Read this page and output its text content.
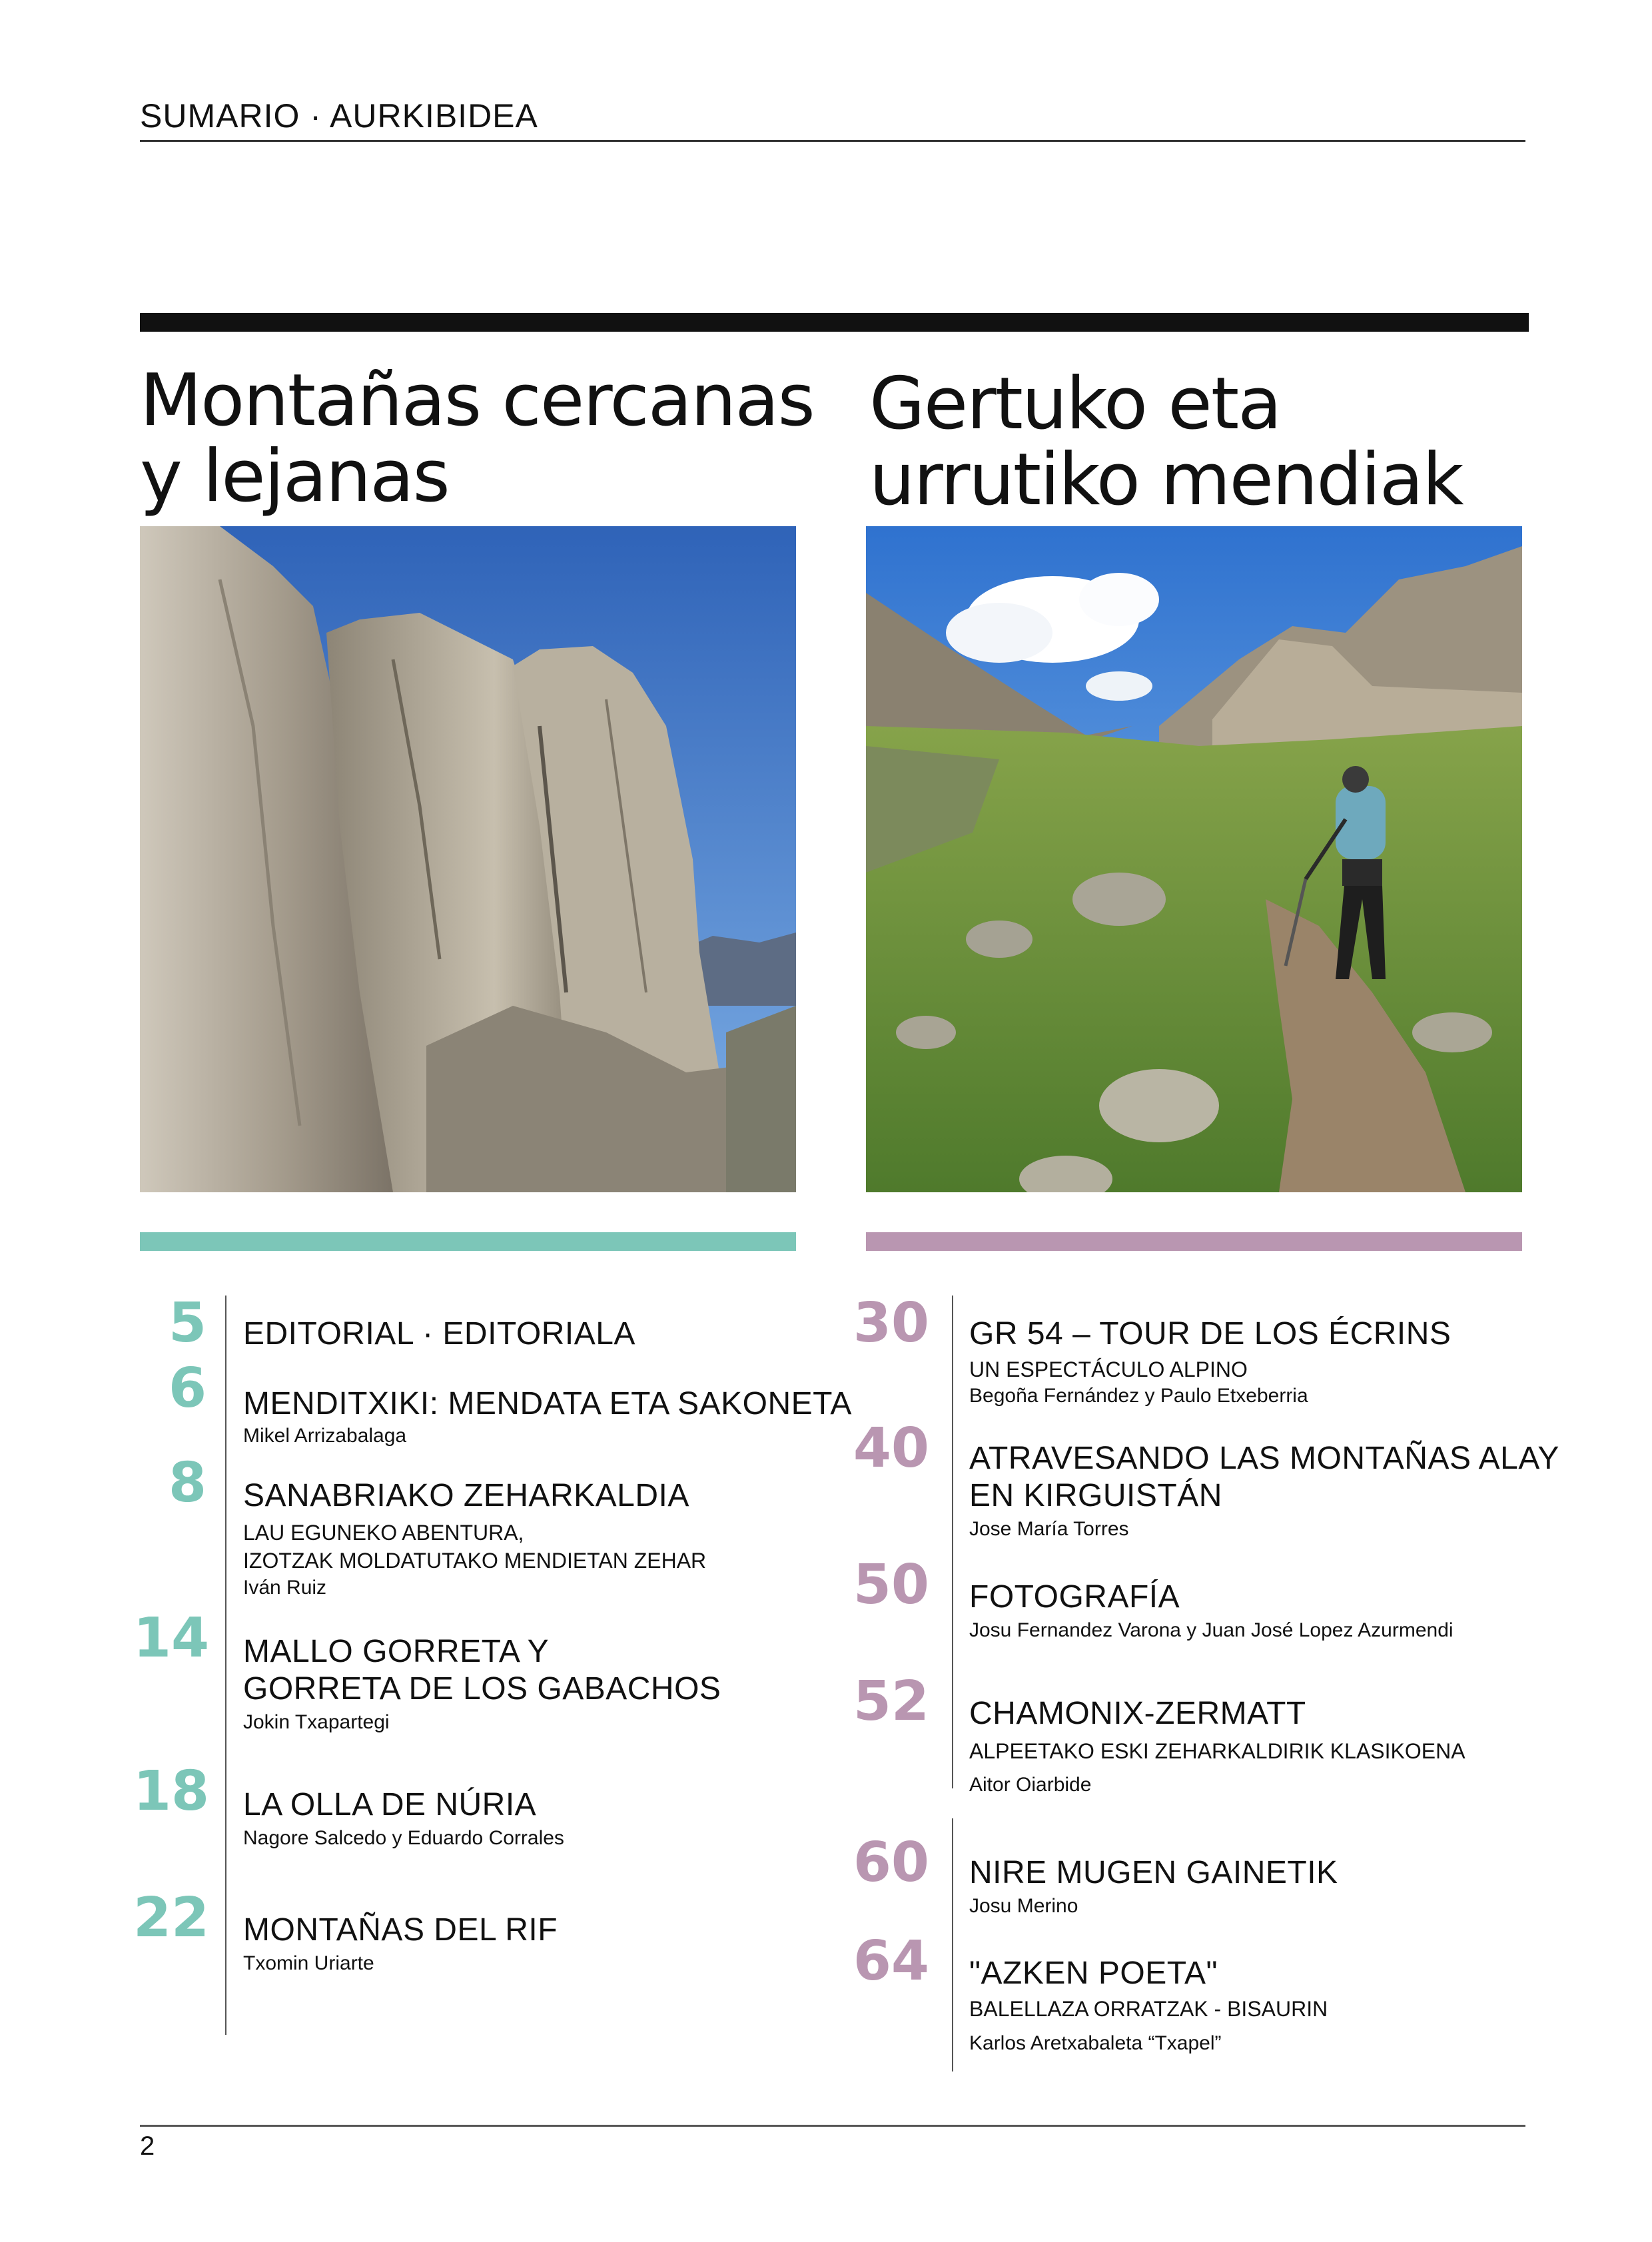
SUMARIO · AURKIBIDEA
Montañas cercanas
y lejanas
Gertuko eta
urrutiko mendiak
5 EDITORIAL · EDITORIALA
6 MENDITXIKI: MENDATA ETA SAKONETA
Mikel Arrizabalaga
8 SANABRIAKO ZEHARKALDIA
LAU EGUNEKO ABENTURA,
IZOTZAK MOLDATUTAKO MENDIETAN ZEHAR
Iván Ruiz
14 MALLO GORRETA Y
GORRETA DE LOS GABACHOS
Jokin Txapartegi
18 LA OLLA DE NÚRIA
Nagore Salcedo y Eduardo Corrales
22 MONTAÑAS DEL RIF
Txomin Uriarte
30 GR 54 – TOUR DE LOS ÉCRINS
UN ESPECTÁCULO ALPINO
Begoña Fernández y Paulo Etxeberria
40 ATRAVESANDO LAS MONTAÑAS ALAY
EN KIRGUISTÁN
Jose María Torres
50 FOTOGRAFÍA
Josu Fernandez Varona y Juan José Lopez Azurmendi
52 CHAMONIX-ZERMATT
ALPEETAKO ESKI ZEHARKALDIRIK KLASIKOENA
Aitor Oiarbide
60 NIRE MUGEN GAINETIK
Josu Merino
64 "AZKEN POETA"
BALELLAZA ORRATZAK - BISAURIN
Karlos Aretxabaleta “Txapel”
2
